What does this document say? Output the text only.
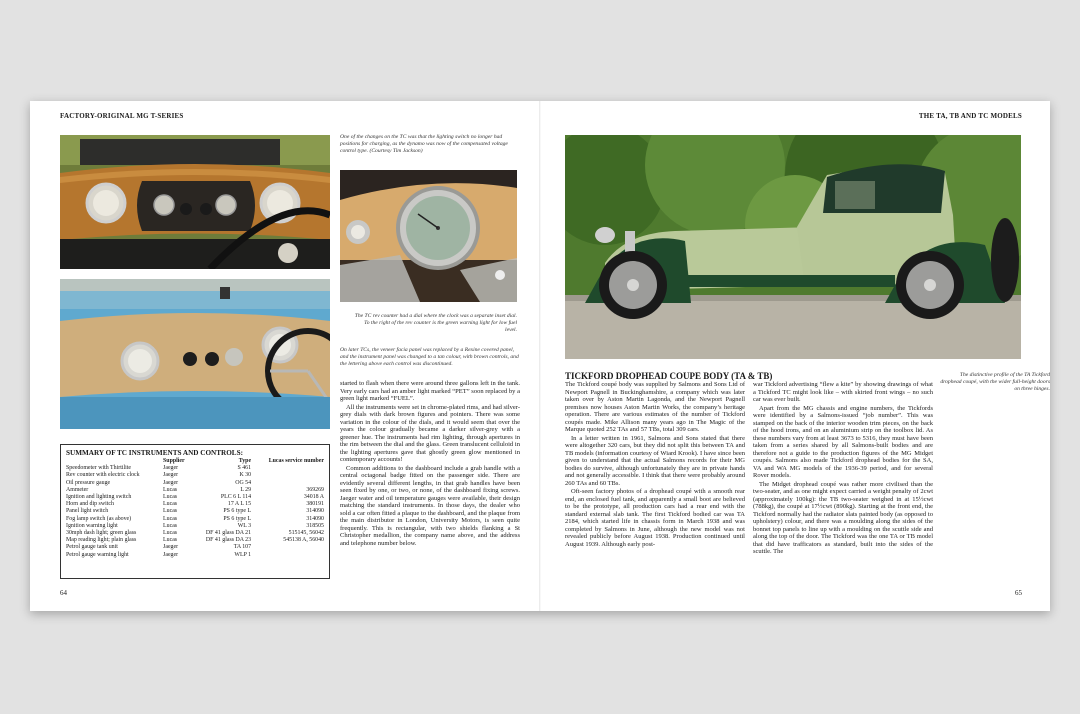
FACTORY-ORIGINAL MG T-SERIES
One of the changes on the TC was that the lighting switch no longer had positions for charging, as the dynamo was now of the compensated voltage control type. (Courtesy Tim Jackson)
The TC rev counter had a dial where the clock was a separate inset dial. To the right of the rev counter is the green warning light for low fuel level.
On later TCs, the veneer facia panel was replaced by a Rexine covered panel, and the instrument panel was changed to a tan colour, with brown controls, and the lettering above each control was discontinued.
SUMMARY OF TC INSTRUMENTS AND CONTROLS:
	Supplier	Type	Lucas service number
Speedometer with Thirtilite	Jaeger	S 461	
Rev counter with electric clock	Jaeger	K 30	
Oil pressure gauge	Jaeger	OG 54	
Ammeter	Lucas	L 29	369269
Ignition and lighting switch	Lucas	PLC 6 L 114	34018 A
Horn and dip switch	Lucas	17 A L 15	380191
Panel light switch	Lucas	PS 6 type L	314090
Fog lamp switch (as above)	Lucas	PS 6 type L	314090
Ignition warning light	Lucas	WL 3	318505
30mph dash light; green glass	Lucas	DF 41 glass DA 21	515145, 56042
Map reading light; plain glass	Lucas	DF 41 glass DA 23	545138 A, 56040
Petrol gauge tank unit	Jaeger	TA 107	
Petrol gauge warning light	Jaeger	WLP 1	

started to flash when there were around three gallons left in the tank. Very early cars had an amber light marked “PET” soon replaced by a green light marked “FUEL”.

All the instruments were set in chrome-plated rims, and had silver-grey dials with dark brown figures and pointers. There was some variation in the colour of the dials, and it would seem that over the years the colour gradually became a darker silver-grey with a greener hue. The instruments had rim lighting, through apertures in the rim between the dial and the glass. Green translucent celluloid in the lighting apertures gave that ghostly green glow mentioned in contemporary accounts!

Common additions to the dashboard include a grab handle with a central octagonal badge fitted on the passenger side. There are evidently several different lengths, in that grab handles have been seen fixed by one, or two, or none, of the dashboard fixing screws. Jaeger water and oil temperature gauges were available, their design matching the standard instruments. In those days, the dealer who sold a car often fitted a plaque to the dashboard, and the plaque from the main distributor in London, University Motors, is seen quite frequently. This is rectangular, with two shields flanking a St Christopher medallion, the company name above, and the address and telephone number below.

64
THE TA, TB AND TC MODELS
The distinctive profile of the TA Tickford drophead coupé, with the wider full-height doors on three hinges.
TICKFORD DROPHEAD COUPE BODY (TA & TB)

The Tickford coupé body was supplied by Salmons and Sons Ltd of Newport Pagnell in Buckinghamshire, a company which was later taken over by Aston Martin Lagonda, and the Newport Pagnell premises now houses Aston Martin Works, the company’s heritage operation. There are various estimates of the number of Tickford coupés made. Mike Allison many years ago in The Magic of the Marque quoted 252 TAs and 57 TBs, total 309 cars.

In a letter written in 1961, Salmons and Sons stated that there were altogether 320 cars, but they did not split this between TA and TB models (information courtesy of Wiard Krook). I have since been given to understand that the actual Salmons records for their MG bodies do survive, although unfortunately they are in private hands and not generally accessible. I think that there were probably around 260 TAs and 60 TBs.

Oft-seen factory photos of a drophead coupé with a smooth rear end, an enclosed fuel tank, and apparently a small boot are believed to be the prototype, all production cars had a rear end with the standard external slab tank. The first Tickford bodied car was TA 2184, which started life in chassis form in March 1938 and was completed by Salmons in June, although the new model was not revealed publicly before August 1938. Production continued until August 1939. Although early post-

war Tickford advertising “flew a kite” by showing drawings of what a Tickford TC might look like – with skirted front wings – no such car was ever built.

Apart from the MG chassis and engine numbers, the Tickfords were identified by a Salmons-issued “job number”. This was stamped on the back of the interior wooden trim pieces, on the back of the hood irons, and on an aluminium strip on the toolbox lid. As these numbers vary from at least 3673 to 5316, they must have been taken from a series shared by all Salmons-built bodies and are therefore not a guide to the production figures of the MG Midget coupés. Salmons also made Tickford drophead bodies for the SA, VA and WA MG models of the 1936-39 period, and for several Rover models.

The Midget drophead coupé was rather more civilised than the two-seater, and as one might expect carried a weight penalty of 2cwt (approximately 100kg): the TB two-seater weighed in at 15½cwt (788kg), the coupé at 17½cwt (890kg). Starting at the front end, the Tickford normally had the radiator slats painted body (as opposed to upholstery) colour, and there was a moulding along the sides of the bonnet top panels to line up with a moulding on the scuttle side and along the top of the door. The Tickford was the one TA or TB model that did have trafficators as standard, built into the sides of the scuttle. The

65
